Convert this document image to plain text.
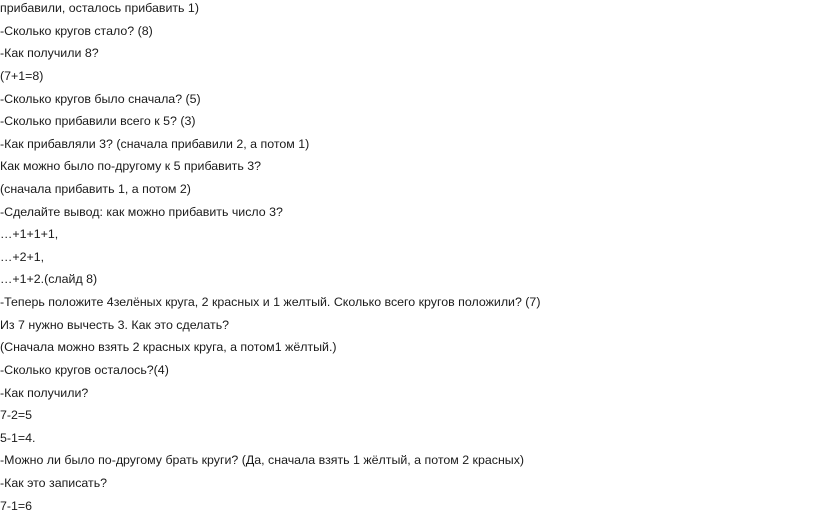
прибавили, осталось прибавить 1)

-Сколько кругов стало? (8)

-Как получили 8?

(7+1=8)

-Сколько кругов было сначала? (5)

-Сколько прибавили всего к 5? (3)

-Как прибавляли 3? (сначала прибавили 2, а потом 1)

Как можно было по-другому к 5 прибавить 3?

(сначала прибавить 1, а потом 2)

-Сделайте вывод: как можно прибавить число 3?

…+1+1+1,

…+2+1,

…+1+2.(слайд 8)

-Теперь положите 4зелёных круга, 2 красных и 1 желтый. Сколько всего кругов положили? (7)

Из 7 нужно вычесть 3. Как это сделать?

(Сначала можно взять 2 красных круга, а потом1 жёлтый.)

-Сколько кругов осталось?(4)

-Как получили?

7-2=5

5-1=4.

-Можно ли было по-другому брать круги? (Да, сначала взять 1 жёлтый, а потом 2 красных)

-Как это записать?

7-1=6
